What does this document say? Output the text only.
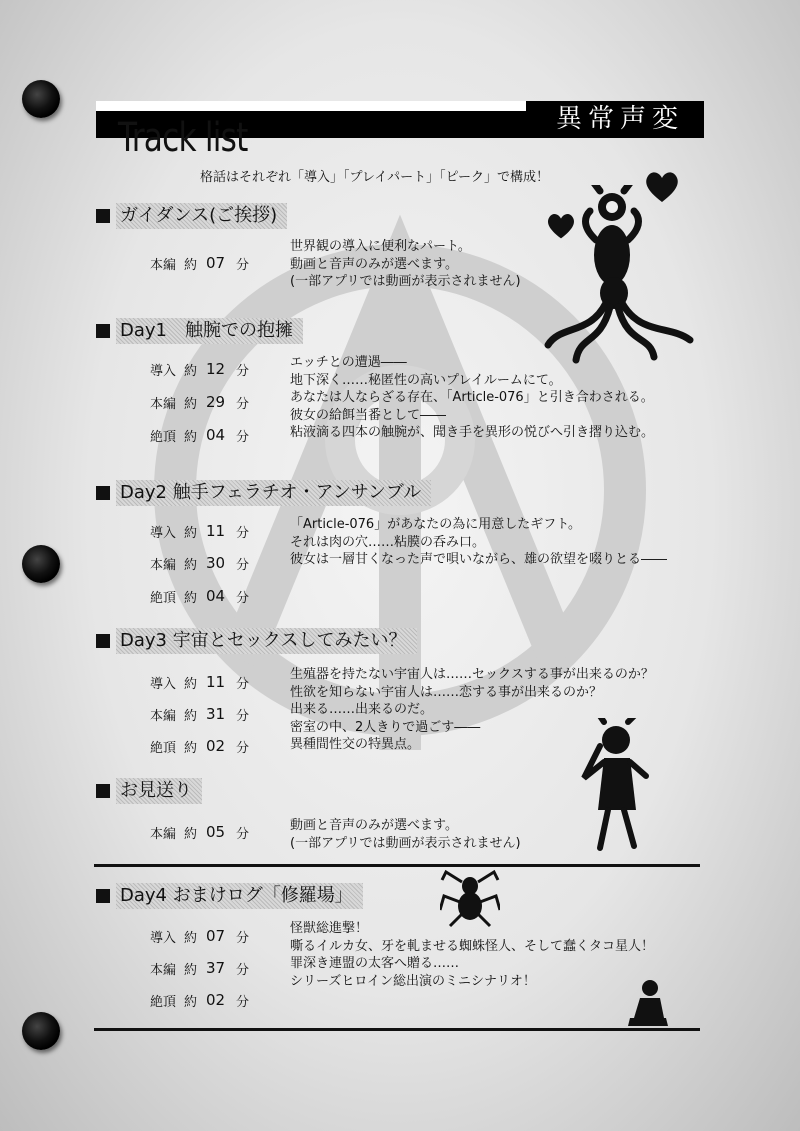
Track list	異常声変
格話はそれぞれ「導入」「プレイパート」「ピーク」で構成！
ガイダンス(ご挨拶)
本編 約 07 分
世界観の導入に便利なパート。
動画と音声のみが選べます。
(一部アプリでは動画が表示されません)
Day1　触腕での抱擁
導入 約 12 分
本編 約 29 分
絶頂 約 04 分
エッチとの遭遇――
地下深く……秘匿性の高いプレイルームにて。
あなたは人ならざる存在、「Article-076」と引き合わされる。
彼女の給餌当番として――
粘液滴る四本の触腕が、聞き手を異形の悦びへ引き摺り込む。
Day2 触手フェラチオ・アンサンブル
導入 約 11 分
本編 約 30 分
絶頂 約 04 分
「Article-076」があなたの為に用意したギフト。
それは肉の穴……粘膜の呑み口。
彼女は一層甘くなった声で唄いながら、雄の欲望を啜りとる――
Day3 宇宙とセックスしてみたい？
導入 約 11 分
本編 約 31 分
絶頂 約 02 分
生殖器を持たない宇宙人は……セックスする事が出来るのか？
性欲を知らない宇宙人は……恋する事が出来るのか？
出来る……出来るのだ。
密室の中、2人きりで過ごす――
異種間性交の特異点。
お見送り
本編 約 05 分
動画と音声のみが選べます。
(一部アプリでは動画が表示されません)
Day4 おまけログ「修羅場」
導入 約 07 分
本編 約 37 分
絶頂 約 02 分
怪獣総進撃！
嘶るイルカ女、牙を軋ませる蜘蛛怪人、そして蠢くタコ星人！
罪深き連盟の太客へ贈る……
シリーズヒロイン総出演のミニシナリオ！
